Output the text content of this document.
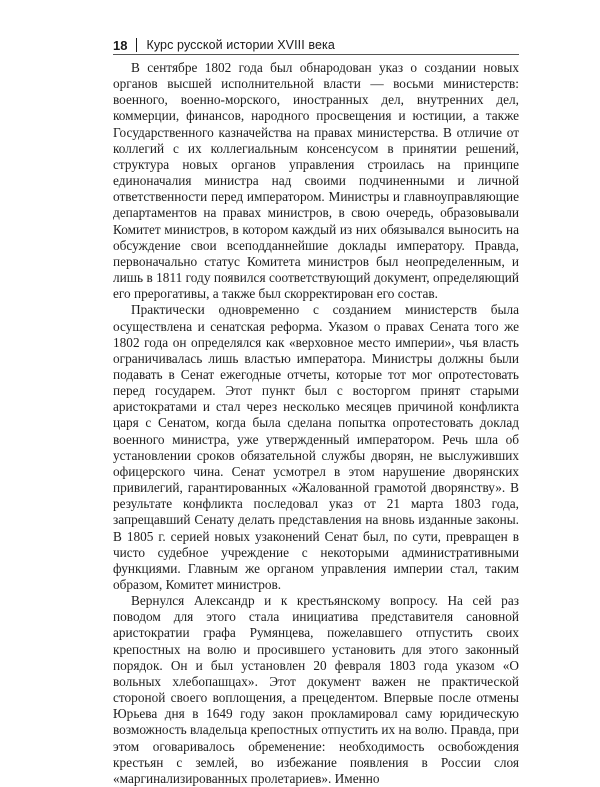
18 Курс русской истории XVIII века

В сентябре 1802 года был обнародован указ о создании новых органов высшей исполнительной власти — восьми министерств: военного, военно-морского, иностранных дел, внутренних дел, коммерции, финансов, народного просвещения и юстиции, а также Государственного казначейства на правах министерства. В отличие от коллегий с их коллегиальным консенсусом в принятии решений, структура новых органов управления строилась на принципе единоначалия министра над своими подчиненными и личной ответственности перед императором. Министры и главноуправляющие департаментов на правах министров, в свою очередь, образовывали Комитет министров, в котором каждый из них обязывался выносить на обсуждение свои всеподданнейшие доклады императору. Правда, первоначально статус Комитета министров был неопределенным, и лишь в 1811 году появился соответствующий документ, определяющий его прерогативы, а также был скорректирован его состав.

Практически одновременно с созданием министерств была осуществлена и сенатская реформа. Указом о правах Сената того же 1802 года он определялся как «верховное место империи», чья власть ограничивалась лишь властью императора. Министры должны были подавать в Сенат ежегодные отчеты, которые тот мог опротестовать перед государем. Этот пункт был с восторгом принят старыми аристократами и стал через несколько месяцев причиной конфликта царя с Сенатом, когда была сделана попытка опротестовать доклад военного министра, уже утвержденный императором. Речь шла об установлении сроков обязательной службы дворян, не выслуживших офицерского чина. Сенат усмотрел в этом нарушение дворянских привилегий, гарантированных «Жалованной грамотой дворянству». В результате конфликта последовал указ от 21 марта 1803 года, запрещавший Сенату делать представления на вновь изданные законы. В 1805 г. серией новых узаконений Сенат был, по сути, превращен в чисто судебное учреждение с некоторыми административными функциями. Главным же органом управления империи стал, таким образом, Комитет министров.

Вернулся Александр и к крестьянскому вопросу. На сей раз поводом для этого стала инициатива представителя сановной аристократии графа Румянцева, пожелавшего отпустить своих крепостных на волю и просившего установить для этого законный порядок. Он и был установлен 20 февраля 1803 года указом «О вольных хлебопашцах». Этот документ важен не практической стороной своего воплощения, а прецедентом. Впервые после отмены Юрьева дня в 1649 году закон прокламировал саму юридическую возможность владельца крепостных отпустить их на волю. Правда, при этом оговаривалось обременение: необходимость освобождения крестьян с землей, во избежание появления в России слоя «маргинализированных пролетариев». Именно
